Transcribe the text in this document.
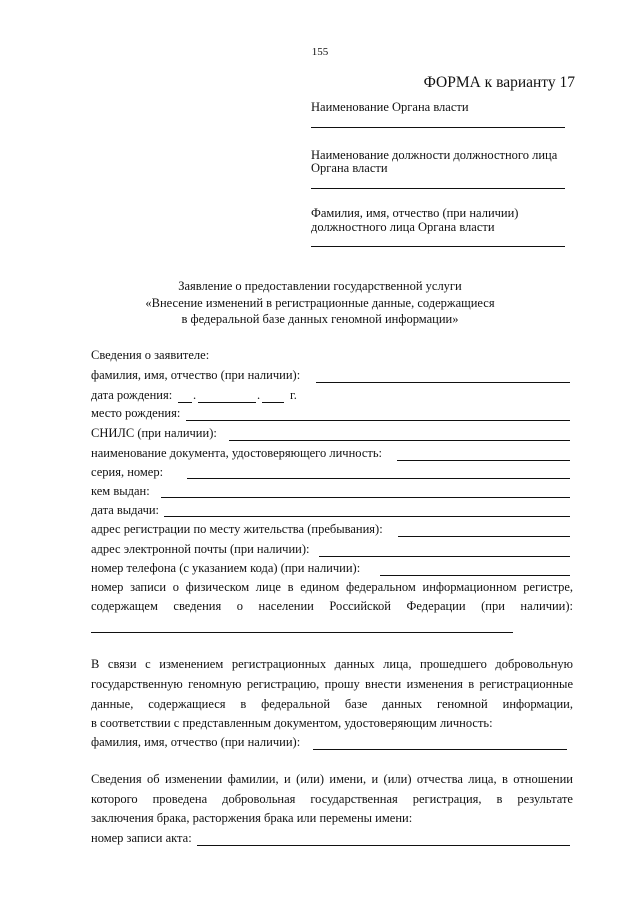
155
ФОРМА к варианту 17
Наименование Органа власти
Наименование должности должностного лица
Органа власти
Фамилия, имя, отчество (при наличии)
должностного лица Органа власти
Заявление о предоставлении государственной услуги
«Внесение изменений в регистрационные данные, содержащиеся
в федеральной базе данных геномной информации»
Сведения о заявителе:
фамилия, имя, отчество (при наличии):
дата рождения: .	. г.
место рождения:
СНИЛС (при наличии):
наименование документа, удостоверяющего личность:
серия, номер:
кем выдан:
дата выдачи:
адрес регистрации по месту жительства (пребывания):
адрес электронной почты (при наличии):
номер телефона (с указанием кода) (при наличии):
номер записи о физическом лице в едином федеральном информационном регистре,
содержащем сведения о населении Российской Федерации (при наличии):
В связи с изменением регистрационных данных лица, прошедшего добровольную
государственную геномную регистрацию, прошу внести изменения в регистрационные
данные, содержащиеся в федеральной базе данных геномной информации,
в соответствии с представленным документом, удостоверяющим личность:
фамилия, имя, отчество (при наличии):
Сведения об изменении фамилии, и (или) имени, и (или) отчества лица, в отношении
которого проведена добровольная государственная регистрация, в результате
заключения брака, расторжения брака или перемены имени:
номер записи акта:
